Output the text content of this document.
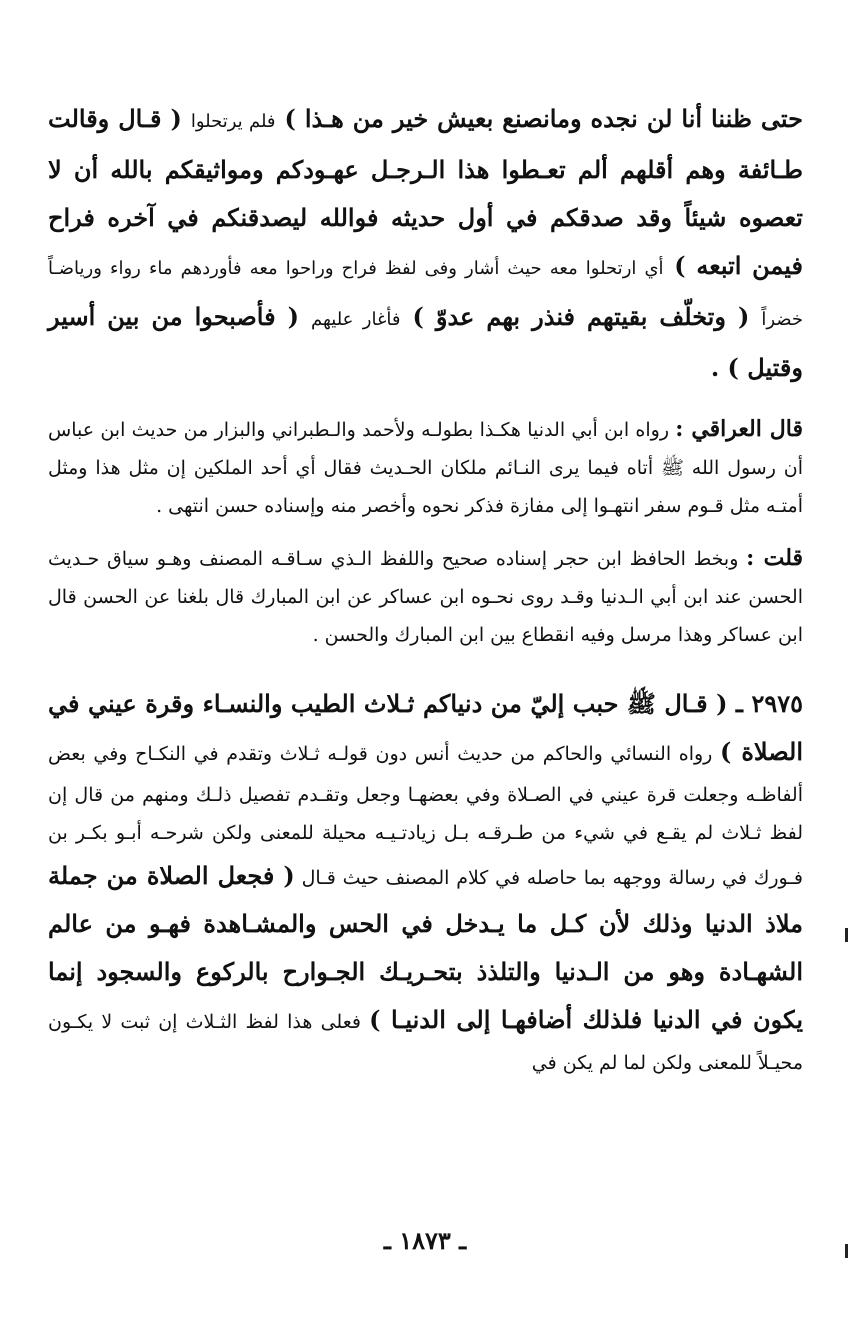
حتى ظننا أنا لن نجده ومانصنع بعيش خير من هـذا ) فلم يرتحلوا ( قـال وقالت طـائفة وهم أقلهم ألم تعـطوا هذا الـرجـل عهـودكم ومواثيقكم بالله أن لا تعصوه شيئاً وقد صدقكم في أول حديثه فوالله ليصدقنكم في آخره فراح فيمن اتبعه ) أي ارتحلوا معه حيث أشار وفى لفظ فراح وراحوا معه فأوردهم ماء رواء ورياضـاً خضراً ( وتخلّف بقيتهم فنذر بهم عدوّ ) فأغار عليهم ( فأصبحوا من بين أسير وقتيل ) .

قال العراقي : رواه ابن أبي الدنيا هكـذا بطولـه ولأحمد والـطبراني والبزار من حديث ابن عباس أن رسول الله ﷺ أتاه فيما يرى النـائم ملكان الحـديث فقال أي أحد الملكين إن مثل هذا ومثل أمتـه مثل قـوم سفر انتهـوا إلى مفازة فذكر نحوه وأخصر منه وإسناده حسن انتهى .

قلت : وبخط الحافظ ابن حجر إسناده صحيح واللفظ الـذي سـاقـه المصنف وهـو سياق حـديث الحسن عند ابن أبي الـدنيا وقـد روى نحـوه ابن عساكر عن ابن المبارك قال بلغنا عن الحسن قال ابن عساكر وهذا مرسل وفيه انقطاع بين ابن المبارك والحسن .

٢٩٧٥ ـ ( قـال ﷺ حبب إليّ من دنياكم ثـلاث الطيب والنسـاء وقرة عيني في الصلاة ) رواه النسائي والحاكم من حديث أنس دون قولـه ثـلاث وتقدم في النكـاح وفي بعض ألفاظـه وجعلت قرة عيني في الصـلاة وفي بعضهـا وجعل وتقـدم تفصيل ذلـك ومنهم من قال إن لفظ ثـلاث لم يقـع في شيء من طـرقـه بـل زيادتـيـه محيلة للمعنى ولكن شرحـه أبـو بكـر بن فـورك في رسالة ووجهه بما حاصله في كلام المصنف حيث قـال ( فجعل الصلاة من جملة ملاذ الدنيا وذلك لأن كـل ما يـدخل في الحس والمشـاهدة فهـو من عالم الشهـادة وهو من الـدنيا والتلذذ بتحـريـك الجـوارح بالركوع والسجود إنما يكون في الدنيا فلذلك أضافهـا إلى الدنيـا ) فعلى هذا لفظ الثـلاث إن ثبت لا يكـون محيـلاً للمعنى ولكن لما لم يكن في

ـ ١٨٧٣ ـ
